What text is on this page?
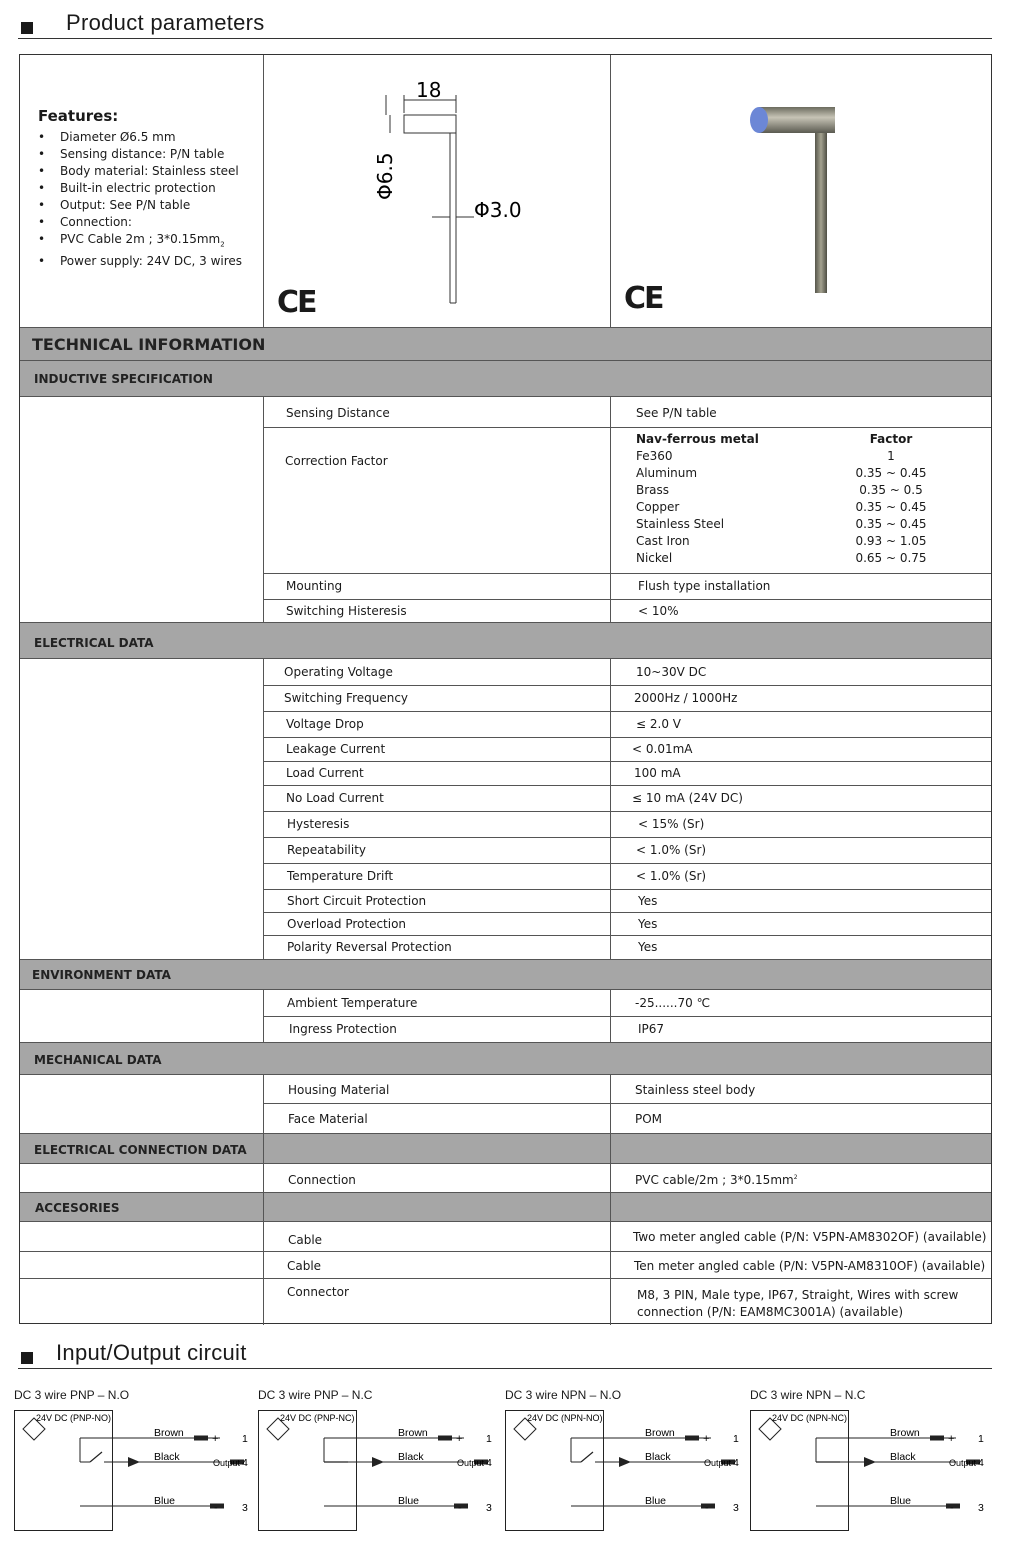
Product parameters
Features:
• Diameter Ø6.5 mm
• Sensing distance: P/N table
• Body material: Stainless steel
• Built-in electric protection
• Output: See P/N table
• Connection:
• PVC Cable 2m ; $3*0.15mm_2$
• Power supply: 24V DC, 3 wires
18
Φ6.5
Φ3.0
CE	CE
TECHNICAL INFORMATION
INDUCTIVE SPECIFICATION
Sensing Distance	See P/N table
Correction Factor
Nav-ferrous metal	Factor
Fe360	1
Aluminum	0.35 ~ 0.45
Brass	0.35 ~ 0.5
Copper	0.35 ~ 0.45
Stainless Steel	0.35 ~ 0.45
Cast Iron	0.93 ~ 1.05
Nickel	0.65 ~ 0.75
Mounting	Flush type installation
Switching Histeresis	< 10%
ELECTRICAL DATA
Operating Voltage	10~30V DC
Switching Frequency	2000Hz / 1000Hz
Voltage Drop	≤ 2.0 V
Leakage Current	< 0.01mA
Load Current	100 mA
No Load Current	≤ 10 mA (24V DC)
Hysteresis	< 15% (Sr)
Repeatability	< 1.0% (Sr)
Temperature Drift	< 1.0% (Sr)
Short Circuit Protection	Yes
Overload Protection	Yes
Polarity Reversal Protection	Yes
ENVIRONMENT DATA
Ambient Temperature	-25......70 ℃
Ingress Protection	IP67
MECHANICAL DATA
Housing Material	Stainless steel body
Face Material	POM
ELECTRICAL CONNECTION DATA
Connection	PVC cable/2m ; $3*0.15mm^2$
ACCESORIES
Cable	Two meter angled cable (P/N: V5PN-AM8302OF) (available)
Cable	Ten meter angled cable (P/N: V5PN-AM8310OF) (available)
Connector	M8, 3 PIN, Male type, IP67, Straight, Wires with screw
connection (P/N: EAM8MC3001A) (available)
Input/Output circuit
DC 3 wire PNP – N.O
24V DC (PNP-NO)
Brown
Black
Blue
+
Output
-
1
4
3
DC 3 wire PNP – N.C
24V DC (PNP-NC)
Brown
Black
Blue
+
Output
-
1
4
3
DC 3 wire NPN – N.O
24V DC (NPN-NO)
Brown
Black
Blue
+
Output
-
1
4
3
DC 3 wire NPN – N.C
24V DC (NPN-NC)
Brown
Black
Blue
+
Output
-
1
4
3
